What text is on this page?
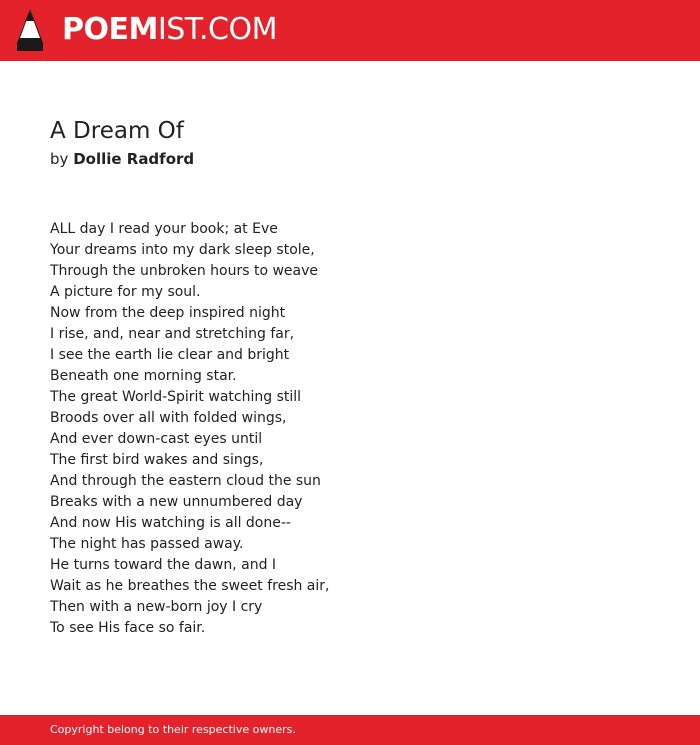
POEMIST.COM
A Dream Of
by Dollie Radford
ALL day I read your book; at Eve
Your dreams into my dark sleep stole,
Through the unbroken hours to weave
A picture for my soul.
Now from the deep inspired night
I rise, and, near and stretching far,
I see the earth lie clear and bright
Beneath one morning star.
The great World-Spirit watching still
Broods over all with folded wings,
And ever down-cast eyes until
The first bird wakes and sings,
And through the eastern cloud the sun
Breaks with a new unnumbered day
And now His watching is all done--
The night has passed away.
He turns toward the dawn, and I
Wait as he breathes the sweet fresh air,
Then with a new-born joy I cry
To see His face so fair.
Copyright belong to their respective owners.
